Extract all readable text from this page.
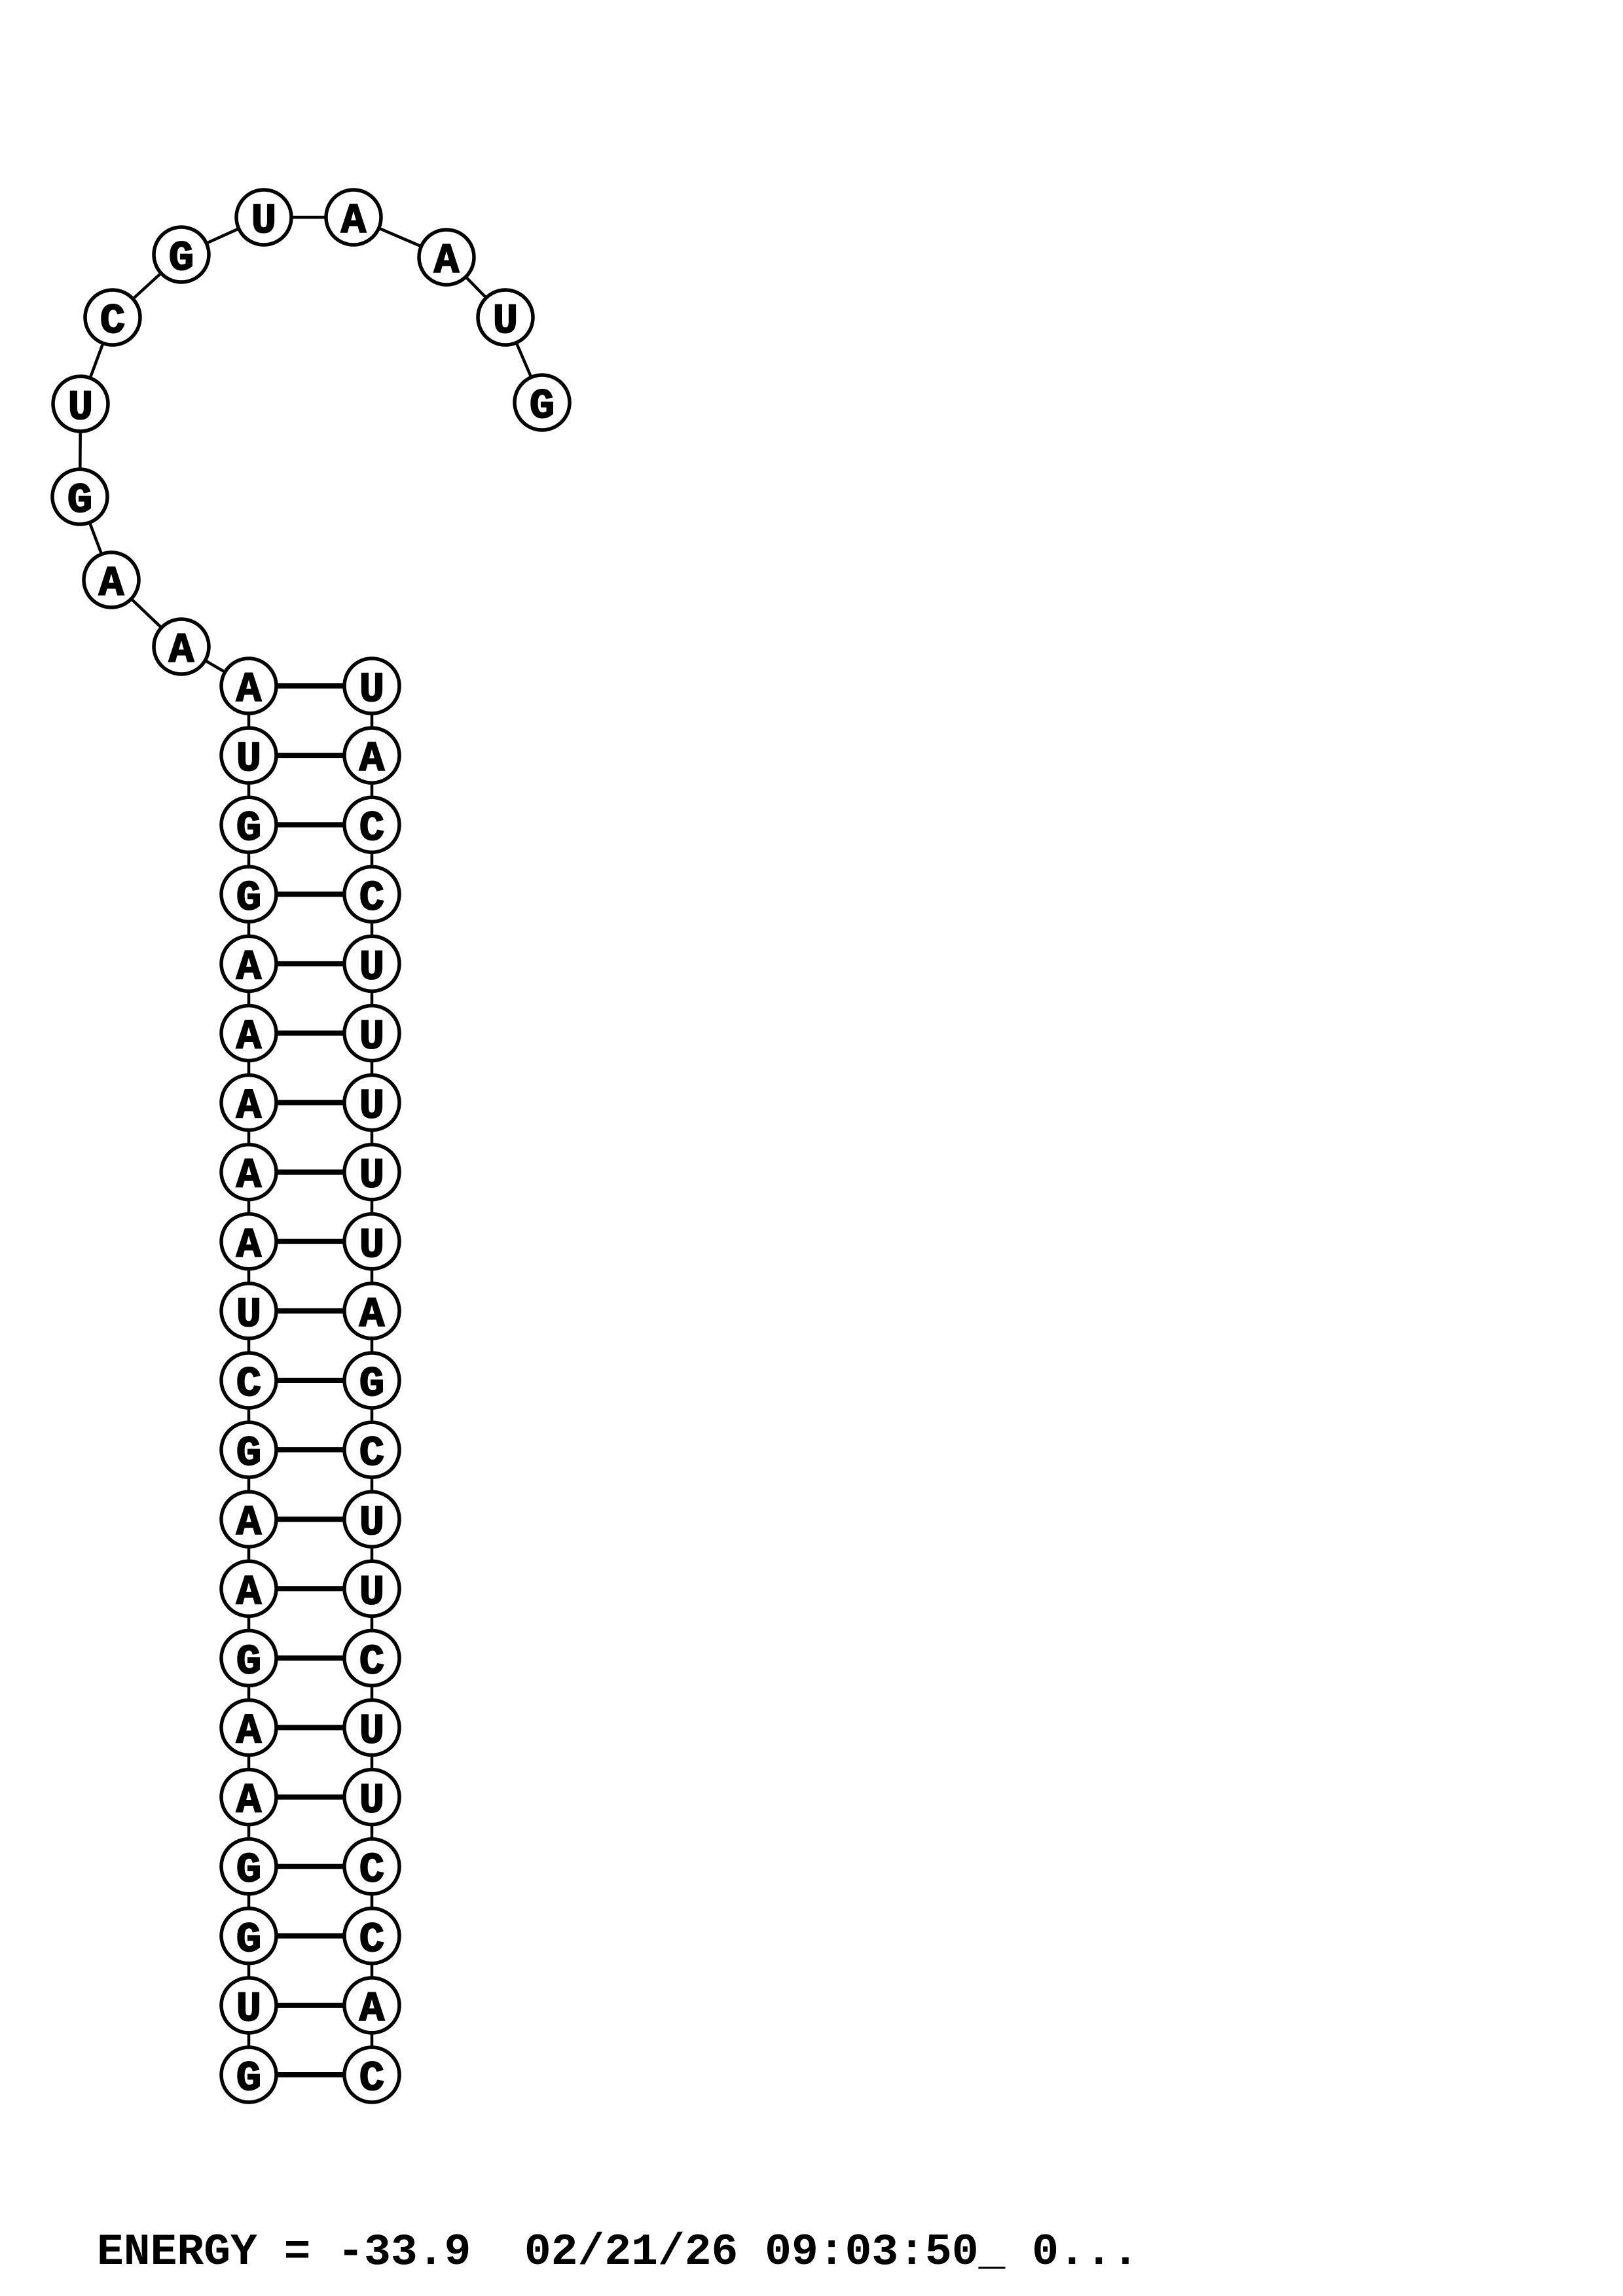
G
U
A
A
U
G
C
U
G
A
A
A
U
G
G
A
A
A
A
A
U
C
G
A
A
G
A
A
G
G
U
G
U
A
C
C
U
U
U
U
U
A
G
C
U
U
C
U
U
C
C
A
C
ENERGY = -33.9  02/21/26 09:03:50_ 0...
